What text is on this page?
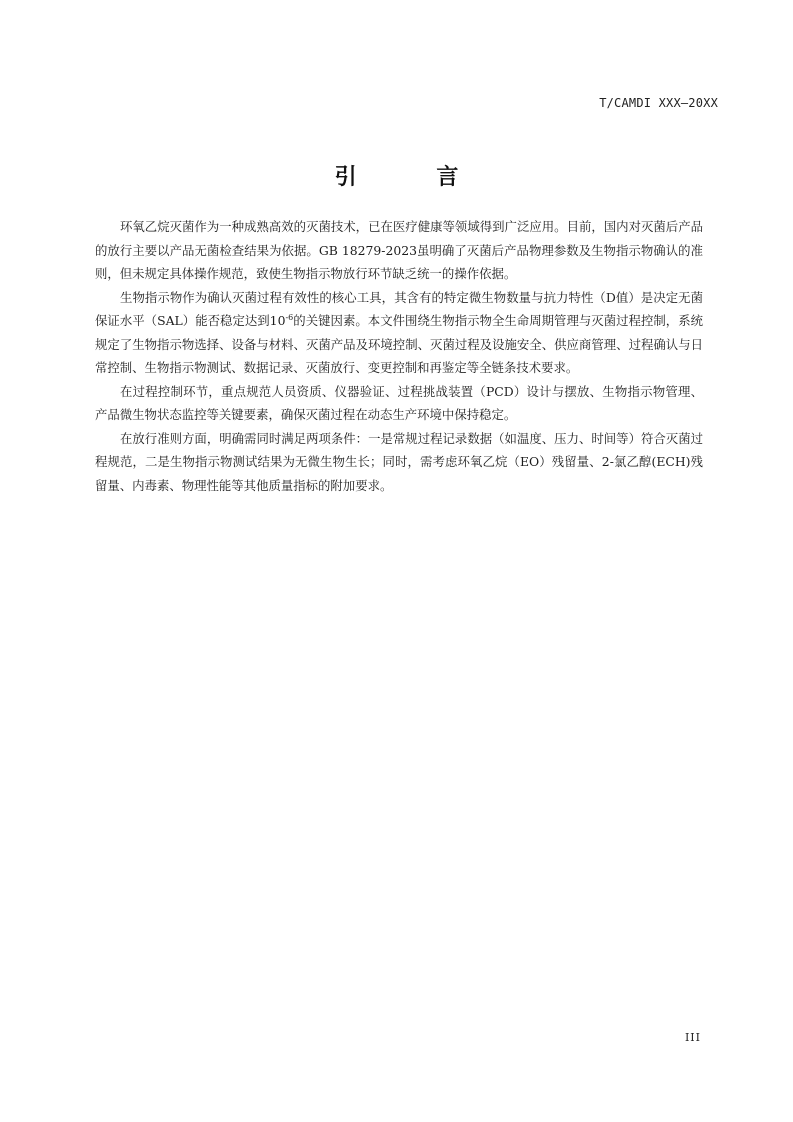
T/CAMDI XXX—20XX
引 言

环氧乙烷灭菌作为一种成熟高效的灭菌技术，已在医疗健康等领域得到广泛应用。目前，国内对灭菌后产品的放行主要以产品无菌检查结果为依据。GB 18279-2023虽明确了灭菌后产品物理参数及生物指示物确认的准则，但未规定具体操作规范，致使生物指示物放行环节缺乏统一的操作依据。

生物指示物作为确认灭菌过程有效性的核心工具，其含有的特定微生物数量与抗力特性（D值）是决定无菌保证水平（SAL）能否稳定达到$10^{-6}$的关键因素。本文件围绕生物指示物全生命周期管理与灭菌过程控制，系统规定了生物指示物选择、设备与材料、灭菌产品及环境控制、灭菌过程及设施安全、供应商管理、过程确认与日常控制、生物指示物测试、数据记录、灭菌放行、变更控制和再鉴定等全链条技术要求。

在过程控制环节，重点规范人员资质、仪器验证、过程挑战装置（PCD）设计与摆放、生物指示物管理、产品微生物状态监控等关键要素，确保灭菌过程在动态生产环境中保持稳定。

在放行准则方面，明确需同时满足两项条件：一是常规过程记录数据（如温度、压力、时间等）符合灭菌过程规范，二是生物指示物测试结果为无微生物生长；同时，需考虑环氧乙烷（EO）残留量、2-氯乙醇(ECH)残留量、内毒素、物理性能等其他质量指标的附加要求。

III
